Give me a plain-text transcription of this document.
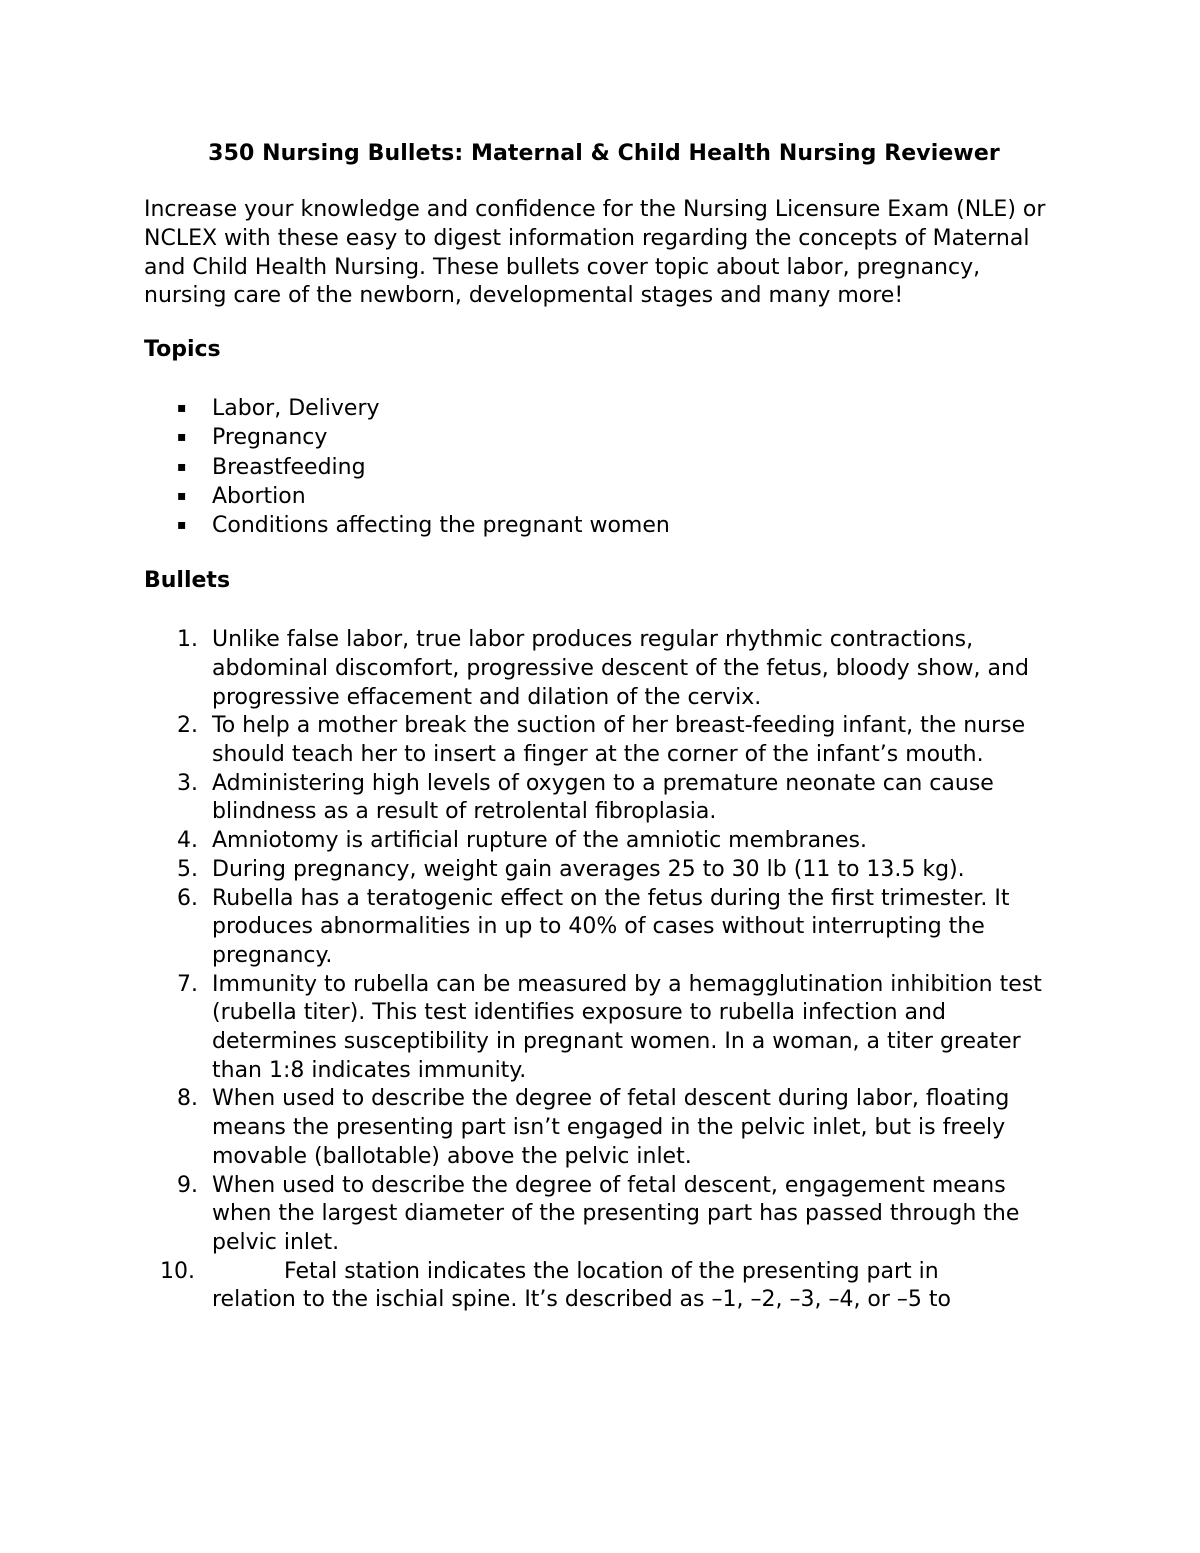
350 Nursing Bullets: Maternal & Child Health Nursing Reviewer

Increase your knowledge and confidence for the Nursing Licensure Exam (NLE) or NCLEX with these easy to digest information regarding the concepts of Maternal and Child Health Nursing. These bullets cover topic about labor, pregnancy, nursing care of the newborn, developmental stages and many more!

Topics
▪ Labor, Delivery
▪ Pregnancy
▪ Breastfeeding
▪ Abortion
▪ Conditions affecting the pregnant women
Bullets
1. Unlike false labor, true labor produces regular rhythmic contractions, abdominal discomfort, progressive descent of the fetus, bloody show, and progressive effacement and dilation of the cervix.
2. To help a mother break the suction of her breast-feeding infant, the nurse should teach her to insert a finger at the corner of the infant’s mouth.
3. Administering high levels of oxygen to a premature neonate can cause blindness as a result of retrolental fibroplasia.
4. Amniotomy is artificial rupture of the amniotic membranes.
5. During pregnancy, weight gain averages 25 to 30 lb (11 to 13.5 kg).
6. Rubella has a teratogenic effect on the fetus during the first trimester. It produces abnormalities in up to 40% of cases without interrupting the pregnancy.
7. Immunity to rubella can be measured by a hemagglutination inhibition test (rubella titer). This test identifies exposure to rubella infection and determines susceptibility in pregnant women. In a woman, a titer greater than 1:8 indicates immunity.
8. When used to describe the degree of fetal descent during labor, floating means the presenting part isn’t engaged in the pelvic inlet, but is freely movable (ballotable) above the pelvic inlet.
9. When used to describe the degree of fetal descent, engagement means when the largest diameter of the presenting part has passed through the pelvic inlet.
10.	Fetal station indicates the location of the presenting part in
relation to the ischial spine. It’s described as –1, –2, –3, –4, or –5 to
